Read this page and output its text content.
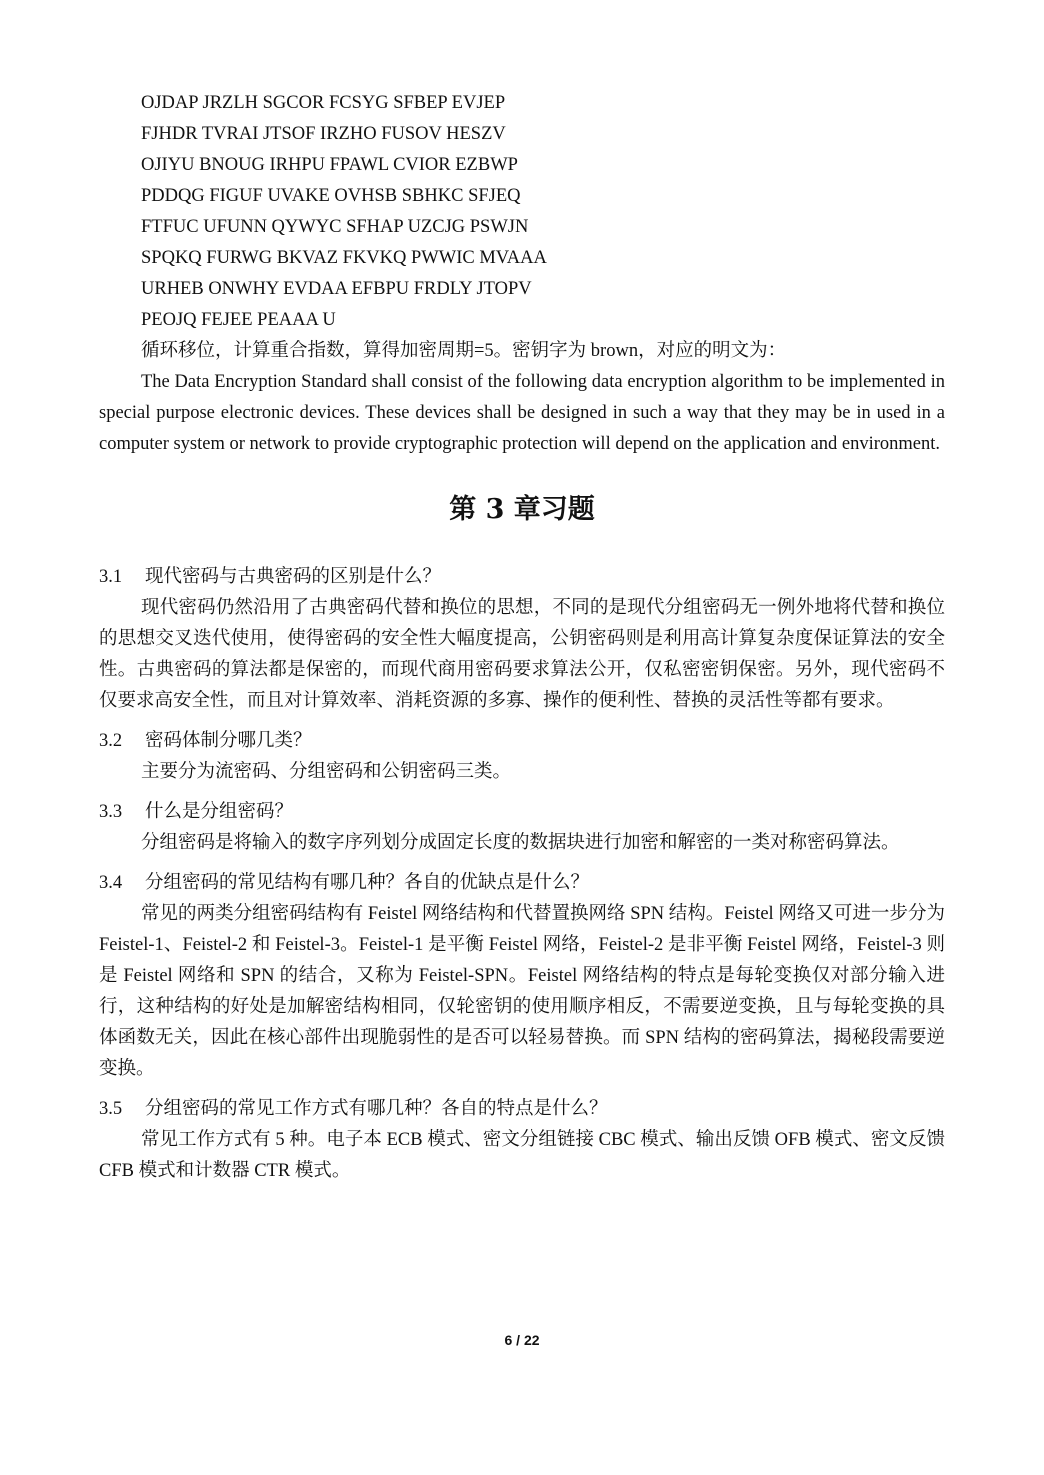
OJDAP JRZLH SGCOR FCSYG SFBEP EVJEP
FJHDR TVRAI JTSOF IRZHO FUSOV HESZV
OJIYU BNOUG IRHPU FPAWL CVIOR EZBWP
PDDQG FIGUF UVAKE OVHSB SBHKC SFJEQ
FTFUC UFUNN QYWYC SFHAP UZCJG PSWJN
SPQKQ FURWG BKVAZ FKVKQ PWWIC MVAAA
URHEB ONWHY EVDAA EFBPU FRDLY JTOPV
PEOJQ FEJEE PEAAA U

循环移位，计算重合指数，算得加密周期=5。密钥字为 brown，对应的明文为：

The Data Encryption Standard shall consist of the following data encryption algorithm to be implemented in special purpose electronic devices. These devices shall be designed in such a way that they may be in used in a computer system or network to provide cryptographic protection will depend on the application and environment.

第 3 章习题

3.1 现代密码与古典密码的区别是什么？

现代密码仍然沿用了古典密码代替和换位的思想，不同的是现代分组密码无一例外地将代替和换位的思想交叉迭代使用，使得密码的安全性大幅度提高，公钥密码则是利用高计算复杂度保证算法的安全性。古典密码的算法都是保密的，而现代商用密码要求算法公开，仅私密密钥保密。另外，现代密码不仅要求高安全性，而且对计算效率、消耗资源的多寡、操作的便利性、替换的灵活性等都有要求。

3.2 密码体制分哪几类？

主要分为流密码、分组密码和公钥密码三类。

3.3 什么是分组密码？

分组密码是将输入的数字序列划分成固定长度的数据块进行加密和解密的一类对称密码算法。

3.4 分组密码的常见结构有哪几种？各自的优缺点是什么？

常见的两类分组密码结构有 Feistel 网络结构和代替置换网络 SPN 结构。Feistel 网络又可进一步分为 Feistel-1、Feistel-2 和 Feistel-3。Feistel-1 是平衡 Feistel 网络，Feistel-2 是非平衡 Feistel 网络，Feistel-3 则是 Feistel 网络和 SPN 的结合，又称为 Feistel-SPN。Feistel 网络结构的特点是每轮变换仅对部分输入进行，这种结构的好处是加解密结构相同，仅轮密钥的使用顺序相反，不需要逆变换，且与每轮变换的具体函数无关，因此在核心部件出现脆弱性的是否可以轻易替换。而 SPN 结构的密码算法，揭秘段需要逆变换。

3.5 分组密码的常见工作方式有哪几种？各自的特点是什么？

常见工作方式有 5 种。电子本 ECB 模式、密文分组链接 CBC 模式、输出反馈 OFB 模式、密文反馈 CFB 模式和计数器 CTR 模式。

6 / 22
